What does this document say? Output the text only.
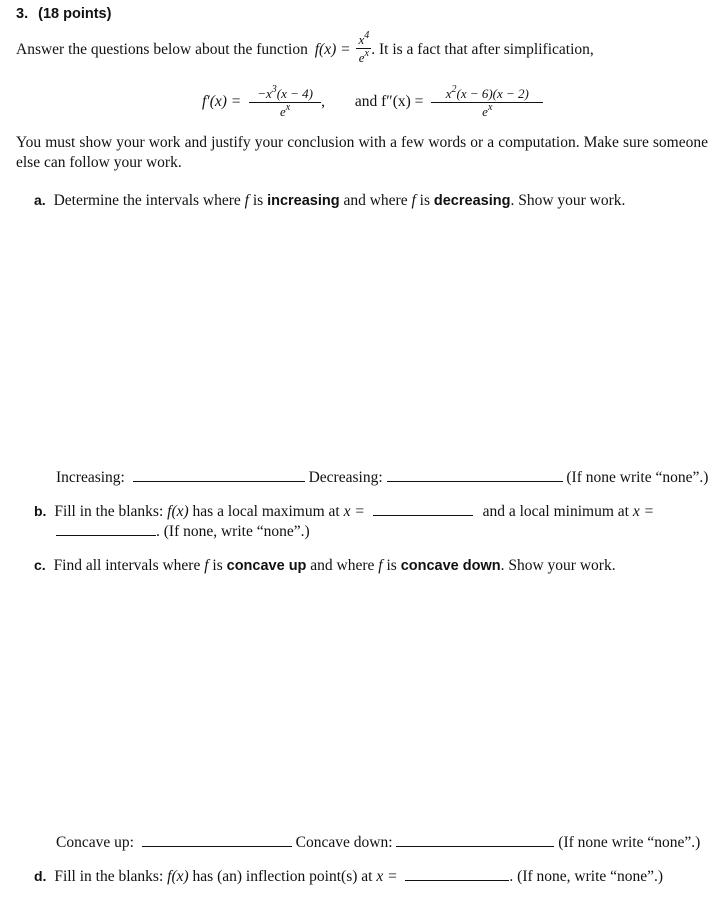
3. (18 points)
Answer the questions below about the function $f(x) = \frac{x^4}{e^x}$ . It is a fact that after simplification,
$f'(x) = \frac{-x^3(x - 4)}{e^x}$ , and $f''(x) = \frac{x^2(x - 6)(x - 2)}{e^x}$
You must show your work and justify your conclusion with a few words or a computation. Make sure someone else can follow your work.
a. Determine the intervals where f is increasing and where f is decreasing. Show your work.
Increasing:	Decreasing:	(If none write “none”.)
b. Fill in the blanks: f(x) has a local maximum at x =	and a local minimum at x =
. (If none, write “none”.)
c. Find all intervals where f is concave up and where f is concave down. Show your work.
Concave up:	Concave down:	(If none write “none”.)
d. Fill in the blanks: f(x) has (an) inflection point(s) at x =	. (If none, write “none”.)
